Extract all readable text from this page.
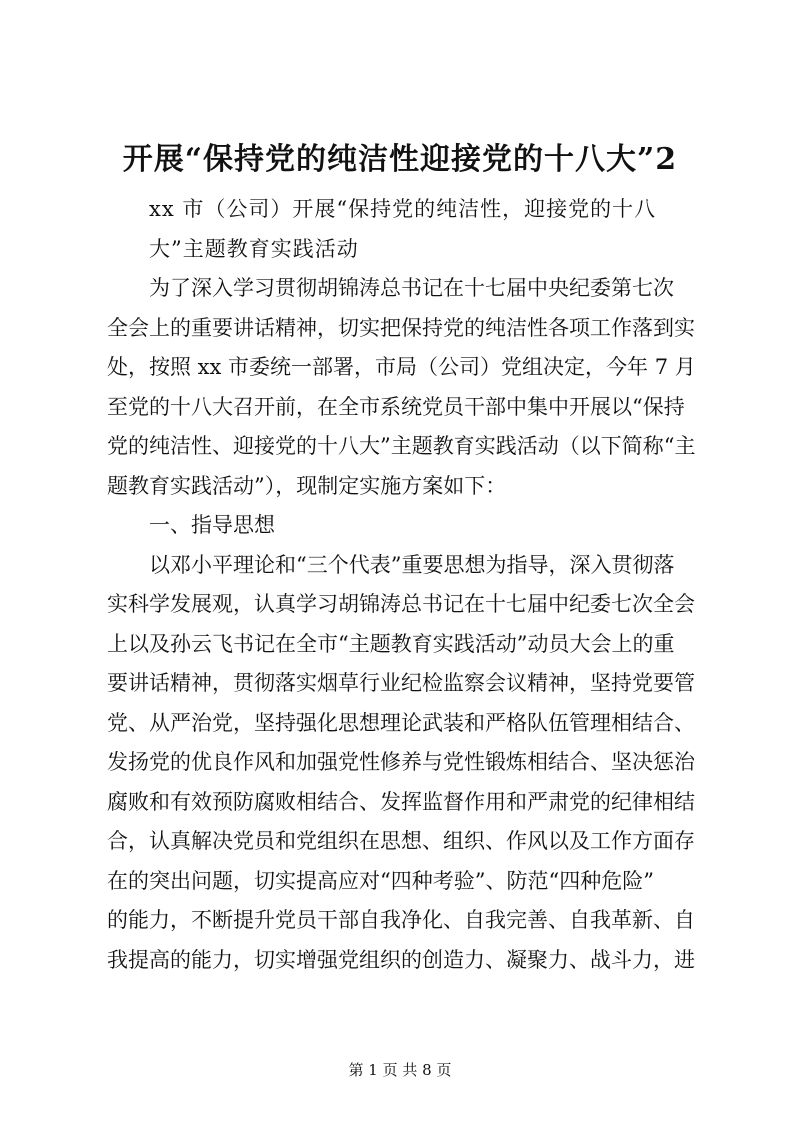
开展“保持党的纯洁性迎接党的十八大”2
xx 市（公司）开展“保持党的纯洁性，迎接党的十八
大”主题教育实践活动
为了深入学习贯彻胡锦涛总书记在十七届中央纪委第七次
全会上的重要讲话精神，切实把保持党的纯洁性各项工作落到实
处，按照 xx 市委统一部署，市局（公司）党组决定，今年 7 月
至党的十八大召开前，在全市系统党员干部中集中开展以“保持
党的纯洁性、迎接党的十八大”主题教育实践活动（以下简称“主
题教育实践活动”），现制定实施方案如下：
一、指导思想
以邓小平理论和“三个代表”重要思想为指导，深入贯彻落
实科学发展观，认真学习胡锦涛总书记在十七届中纪委七次全会
上以及孙云飞书记在全市“主题教育实践活动”动员大会上的重
要讲话精神，贯彻落实烟草行业纪检监察会议精神，坚持党要管
党、从严治党，坚持强化思想理论武装和严格队伍管理相结合、
发扬党的优良作风和加强党性修养与党性锻炼相结合、坚决惩治
腐败和有效预防腐败相结合、发挥监督作用和严肃党的纪律相结
合，认真解决党员和党组织在思想、组织、作风以及工作方面存
在的突出问题，切实提高应对“四种考验”、防范“四种危险”
的能力，不断提升党员干部自我净化、自我完善、自我革新、自
我提高的能力，切实增强党组织的创造力、凝聚力、战斗力，进
第 1 页 共 8 页
